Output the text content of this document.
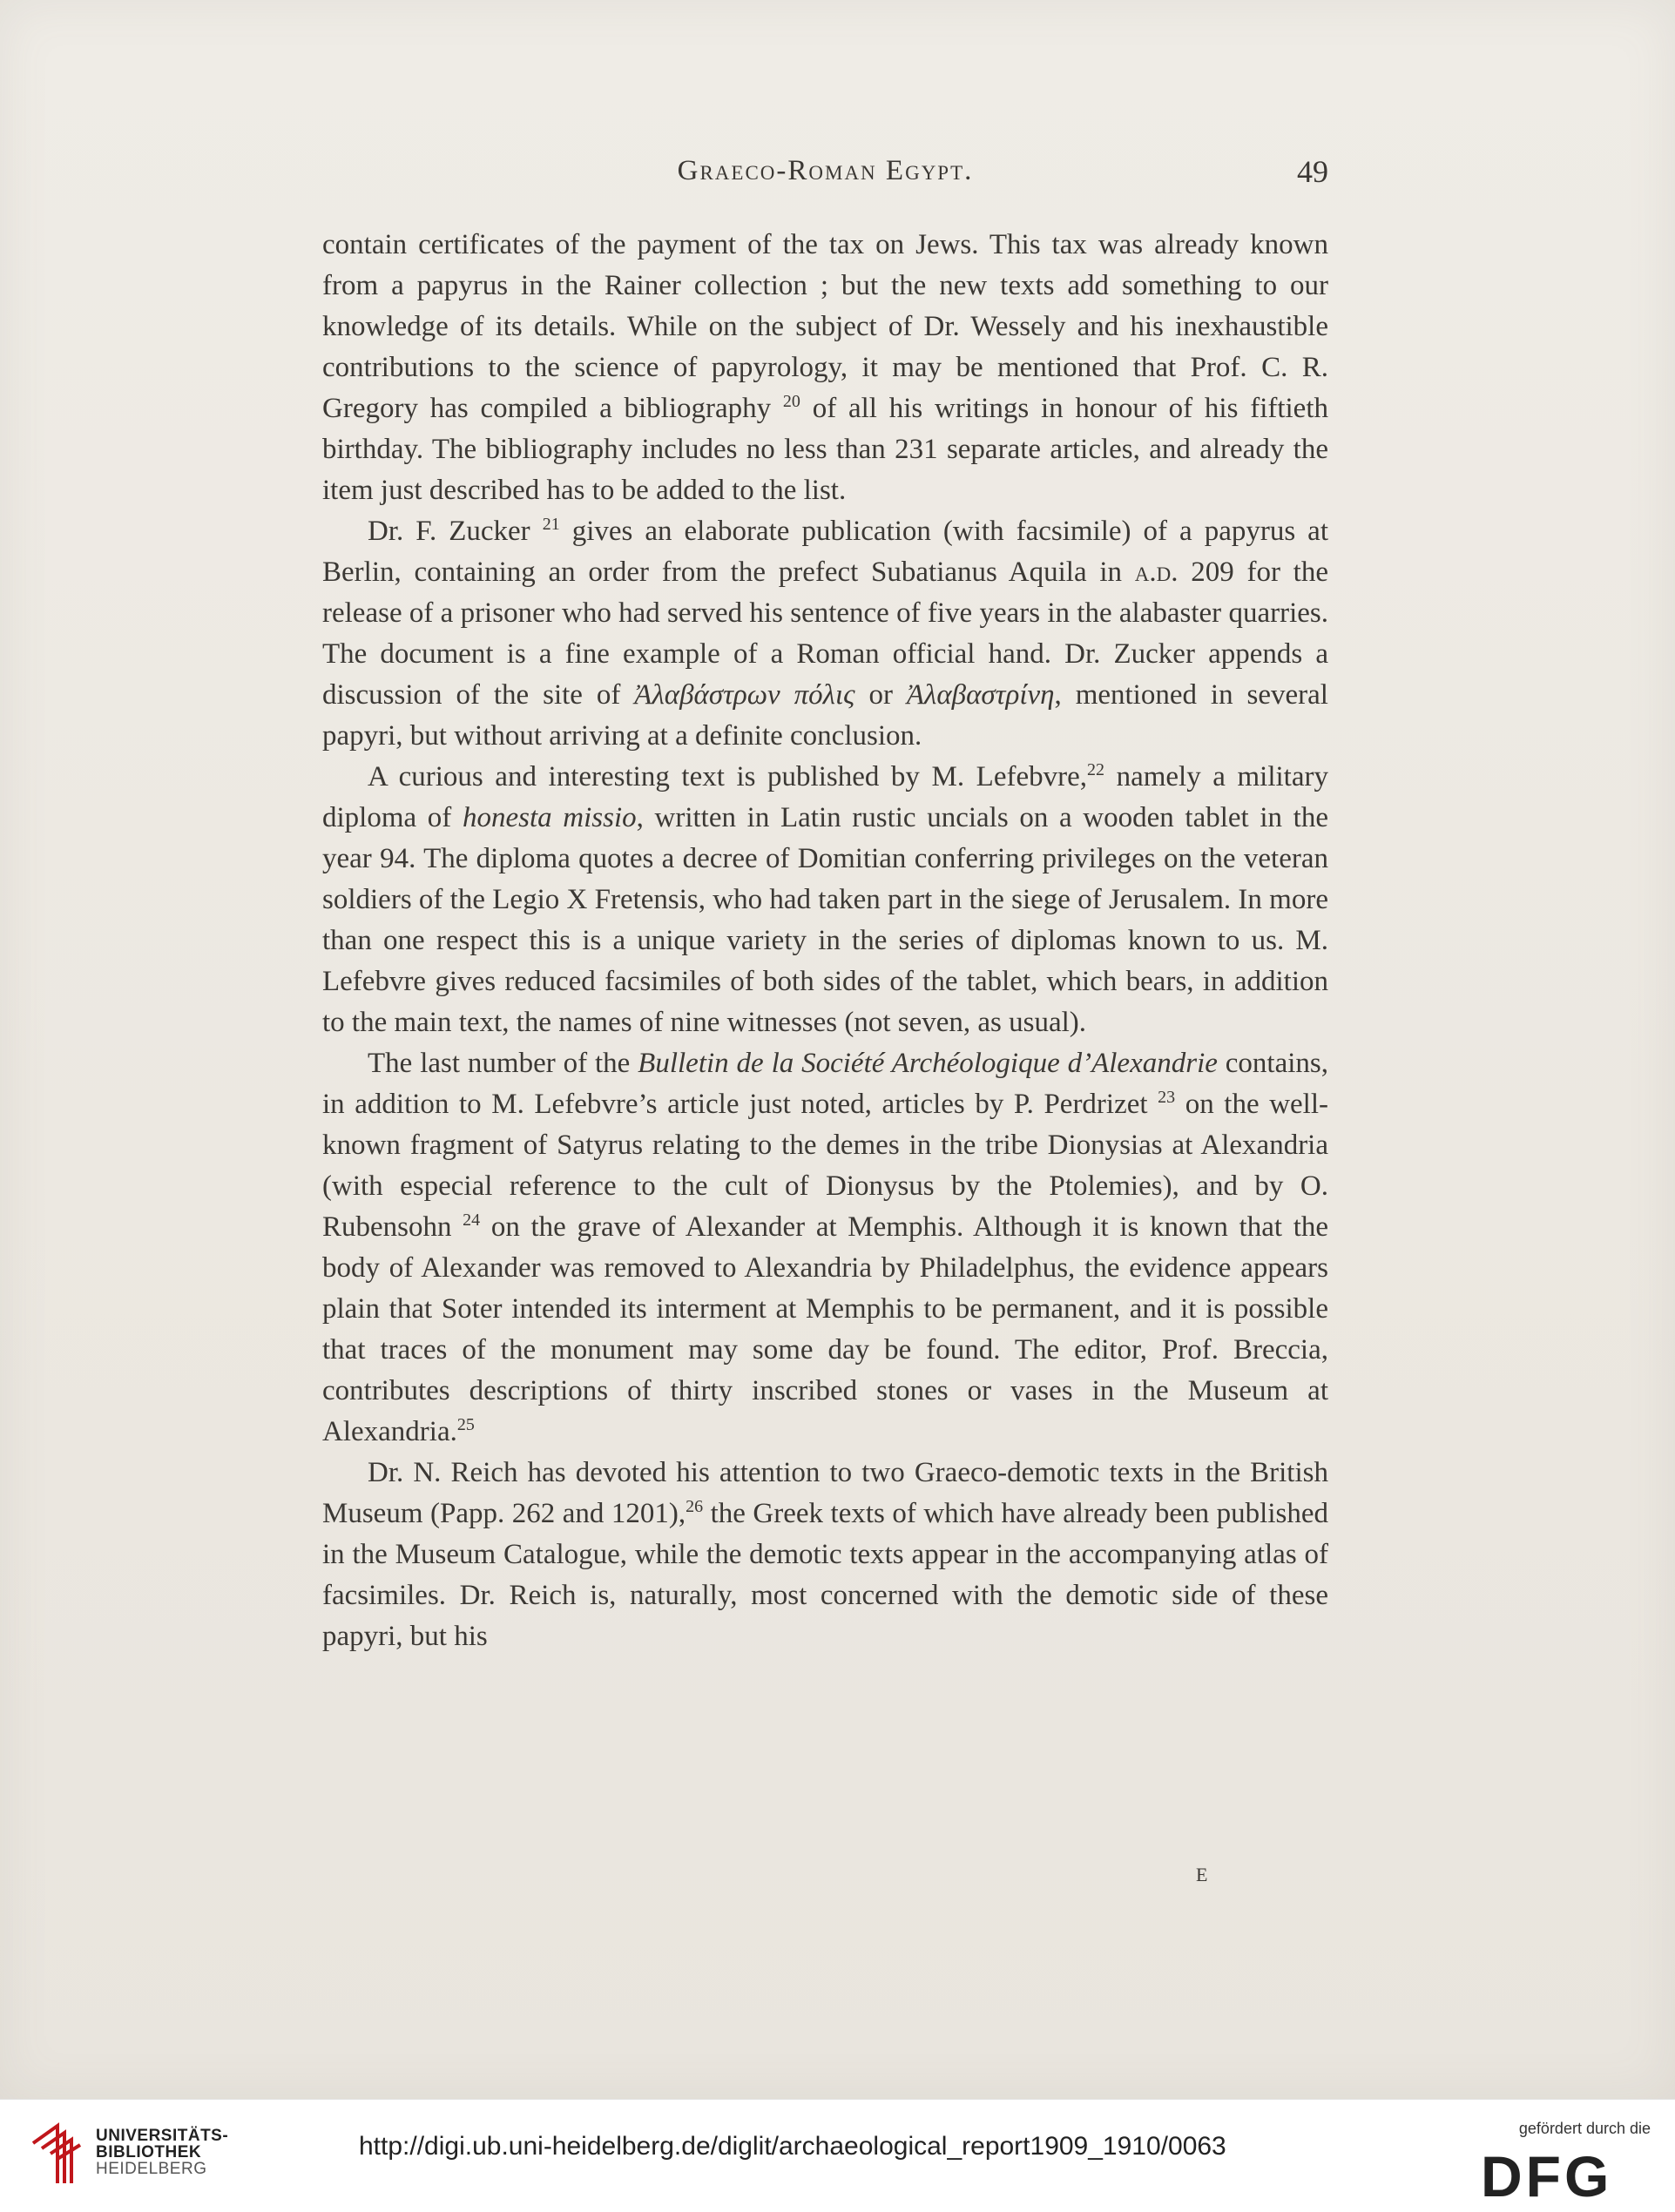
Graeco-Roman Egypt.	49

contain certificates of the payment of the tax on Jews. This tax was already known from a papyrus in the Rainer collection ; but the new texts add something to our knowledge of its details. While on the subject of Dr. Wessely and his inexhaustible contributions to the science of papyrology, it may be mentioned that Prof. C. R. Gregory has compiled a bibliography $^{20}$ of all his writings in honour of his fiftieth birthday. The bibliography includes no less than 231 separate articles, and already the item just described has to be added to the list.

Dr. F. Zucker $^{21}$ gives an elaborate publication (with facsimile) of a papyrus at Berlin, containing an order from the prefect Subatianus Aquila in a.d. 209 for the release of a prisoner who had served his sentence of five years in the alabaster quarries. The document is a fine example of a Roman official hand. Dr. Zucker appends a discussion of the site of Ἀλαβάστρων πόλις or Ἀλαβαστρίνη, mentioned in several papyri, but without arriving at a definite conclusion.

A curious and interesting text is published by M. Lefebvre,$^{22}$ namely a military diploma of honesta missio, written in Latin rustic uncials on a wooden tablet in the year 94. The diploma quotes a decree of Domitian conferring privileges on the veteran soldiers of the Legio X Fretensis, who had taken part in the siege of Jerusalem. In more than one respect this is a unique variety in the series of diplomas known to us. M. Lefebvre gives reduced facsimiles of both sides of the tablet, which bears, in addition to the main text, the names of nine witnesses (not seven, as usual).

The last number of the Bulletin de la Société Archéologique d’Alexandrie contains, in addition to M. Lefebvre’s article just noted, articles by P. Perdrizet $^{23}$ on the well-known fragment of Satyrus relating to the demes in the tribe Dionysias at Alexandria (with especial reference to the cult of Dionysus by the Ptolemies), and by O. Rubensohn $^{24}$ on the grave of Alexander at Memphis. Although it is known that the body of Alexander was removed to Alexandria by Philadelphus, the evidence appears plain that Soter intended its interment at Memphis to be permanent, and it is possible that traces of the monument may some day be found. The editor, Prof. Breccia, contributes descriptions of thirty inscribed stones or vases in the Museum at Alexandria.$^{25}$

Dr. N. Reich has devoted his attention to two Graeco-demotic texts in the British Museum (Papp. 262 and 1201),$^{26}$ the Greek texts of which have already been published in the Museum Catalogue, while the demotic texts appear in the accompanying atlas of facsimiles. Dr. Reich is, naturally, most concerned with the demotic side of these papyri, but his

E
UNIVERSITÄTS-
BIBLIOTHEK
HEIDELBERG
http://digi.ub.uni-heidelberg.de/diglit/archaeological_report1909_1910/0063
gefördert durch die
DFG
